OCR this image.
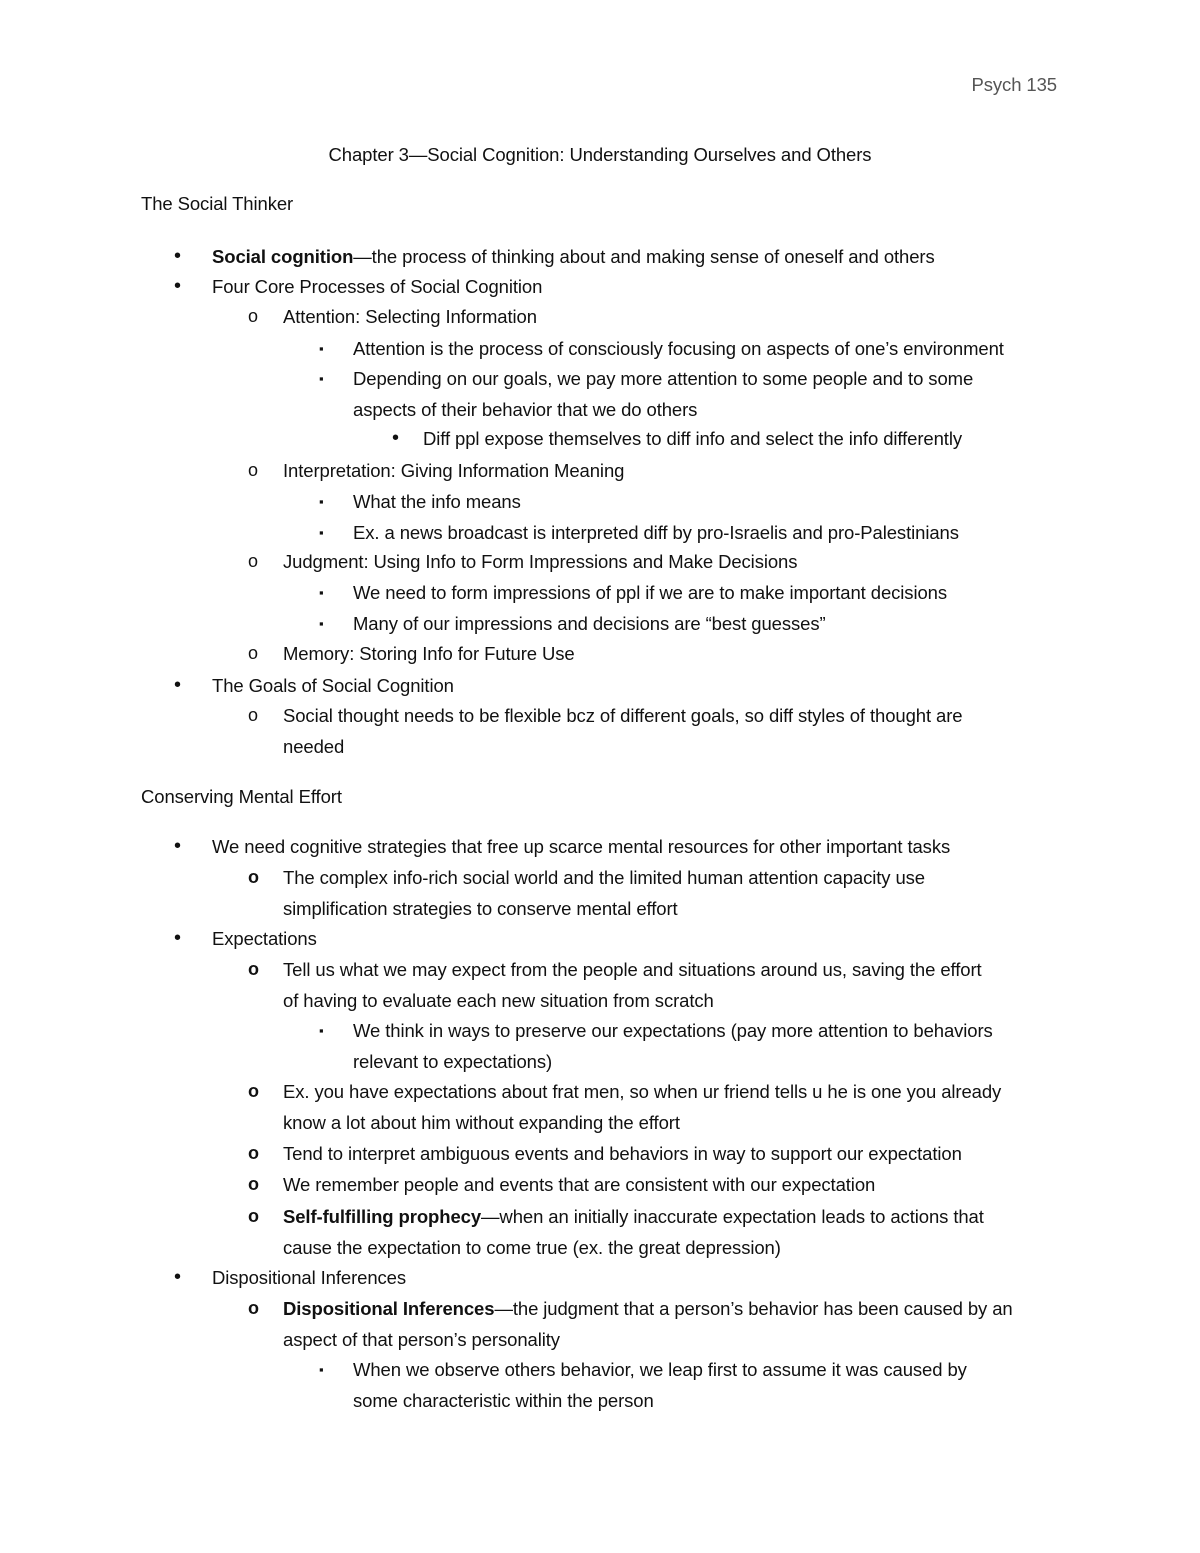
Psych 135
Chapter 3—Social Cognition: Understanding Ourselves and Others
The Social Thinker
• Social cognition—the process of thinking about and making sense of oneself and others
• Four Core Processes of Social Cognition
o Attention: Selecting Information
▪ Attention is the process of consciously focusing on aspects of one’s environment
▪ Depending on our goals, we pay more attention to some people and to some
aspects of their behavior that we do others
• Diff ppl expose themselves to diff info and select the info differently
o Interpretation: Giving Information Meaning
▪ What the info means
▪ Ex. a news broadcast is interpreted diff by pro-Israelis and pro-Palestinians
o Judgment: Using Info to Form Impressions and Make Decisions
▪ We need to form impressions of ppl if we are to make important decisions
▪ Many of our impressions and decisions are “best guesses”
o Memory: Storing Info for Future Use
• The Goals of Social Cognition
o Social thought needs to be flexible bcz of different goals, so diff styles of thought are
needed
Conserving Mental Effort
• We need cognitive strategies that free up scarce mental resources for other important tasks
o The complex info-rich social world and the limited human attention capacity use
simplification strategies to conserve mental effort
• Expectations
o Tell us what we may expect from the people and situations around us, saving the effort
of having to evaluate each new situation from scratch
▪ We think in ways to preserve our expectations (pay more attention to behaviors
relevant to expectations)
o Ex. you have expectations about frat men, so when ur friend tells u he is one you already
know a lot about him without expanding the effort
o Tend to interpret ambiguous events and behaviors in way to support our expectation
o We remember people and events that are consistent with our expectation
o Self-fulfilling prophecy—when an initially inaccurate expectation leads to actions that
cause the expectation to come true (ex. the great depression)
• Dispositional Inferences
o Dispositional Inferences—the judgment that a person’s behavior has been caused by an
aspect of that person’s personality
▪ When we observe others behavior, we leap first to assume it was caused by
some characteristic within the person
